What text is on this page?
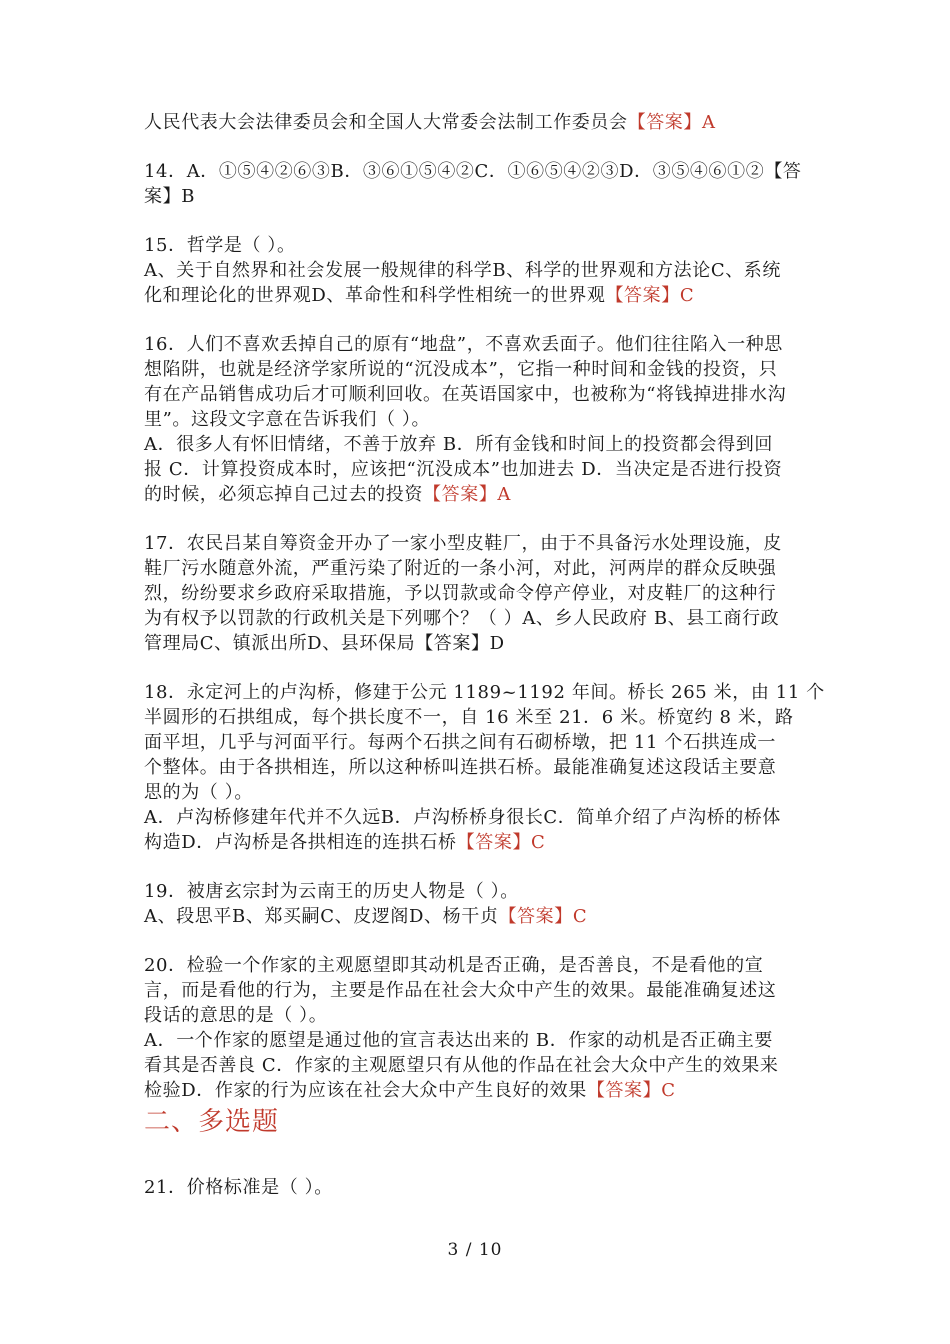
人民代表大会法律委员会和全国人大常委会法制工作委员会【答案】A
14．A．①⑤④②⑥③B．③⑥①⑤④②C．①⑥⑤④②③D．③⑤④⑥①②【答
案】B
15．哲学是（ ）。
A、关于自然界和社会发展一般规律的科学B、科学的世界观和方法论C、系统
化和理论化的世界观D、革命性和科学性相统一的世界观【答案】C
16．人们不喜欢丢掉自己的原有“地盘”，不喜欢丢面子。他们往往陷入一种思
想陷阱，也就是经济学家所说的“沉没成本”，它指一种时间和金钱的投资，只
有在产品销售成功后才可顺利回收。在英语国家中，也被称为“将钱掉进排水沟
里”。这段文字意在告诉我们（ ）。
A．很多人有怀旧情绪，不善于放弃 B．所有金钱和时间上的投资都会得到回
报 C．计算投资成本时，应该把“沉没成本”也加进去 D．当决定是否进行投资
的时候，必须忘掉自己过去的投资【答案】A
17．农民吕某自筹资金开办了一家小型皮鞋厂，由于不具备污水处理设施，皮
鞋厂污水随意外流，严重污染了附近的一条小河，对此，河两岸的群众反映强
烈，纷纷要求乡政府采取措施，予以罚款或命令停产停业，对皮鞋厂的这种行
为有权予以罚款的行政机关是下列哪个？（ ）A、乡人民政府 B、县工商行政
管理局C、镇派出所D、县环保局【答案】D
18．永定河上的卢沟桥，修建于公元 1189~1192 年间。桥长 265 米，由 11 个
半圆形的石拱组成，每个拱长度不一，自 16 米至 21．6 米。桥宽约 8 米，路
面平坦，几乎与河面平行。每两个石拱之间有石砌桥墩，把 11 个石拱连成一
个整体。由于各拱相连，所以这种桥叫连拱石桥。最能准确复述这段话主要意
思的为（ ）。
A．卢沟桥修建年代并不久远B．卢沟桥桥身很长C．简单介绍了卢沟桥的桥体
构造D．卢沟桥是各拱相连的连拱石桥【答案】C
19．被唐玄宗封为云南王的历史人物是（ ）。
A、段思平B、郑买嗣C、皮逻阁D、杨干贞【答案】C
20．检验一个作家的主观愿望即其动机是否正确，是否善良，不是看他的宣
言，而是看他的行为，主要是作品在社会大众中产生的效果。最能准确复述这
段话的意思的是（ ）。
A．一个作家的愿望是通过他的宣言表达出来的 B．作家的动机是否正确主要
看其是否善良 C．作家的主观愿望只有从他的作品在社会大众中产生的效果来
检验D．作家的行为应该在社会大众中产生良好的效果【答案】C
二、多选题
21．价格标准是（ ）。
3 / 10
